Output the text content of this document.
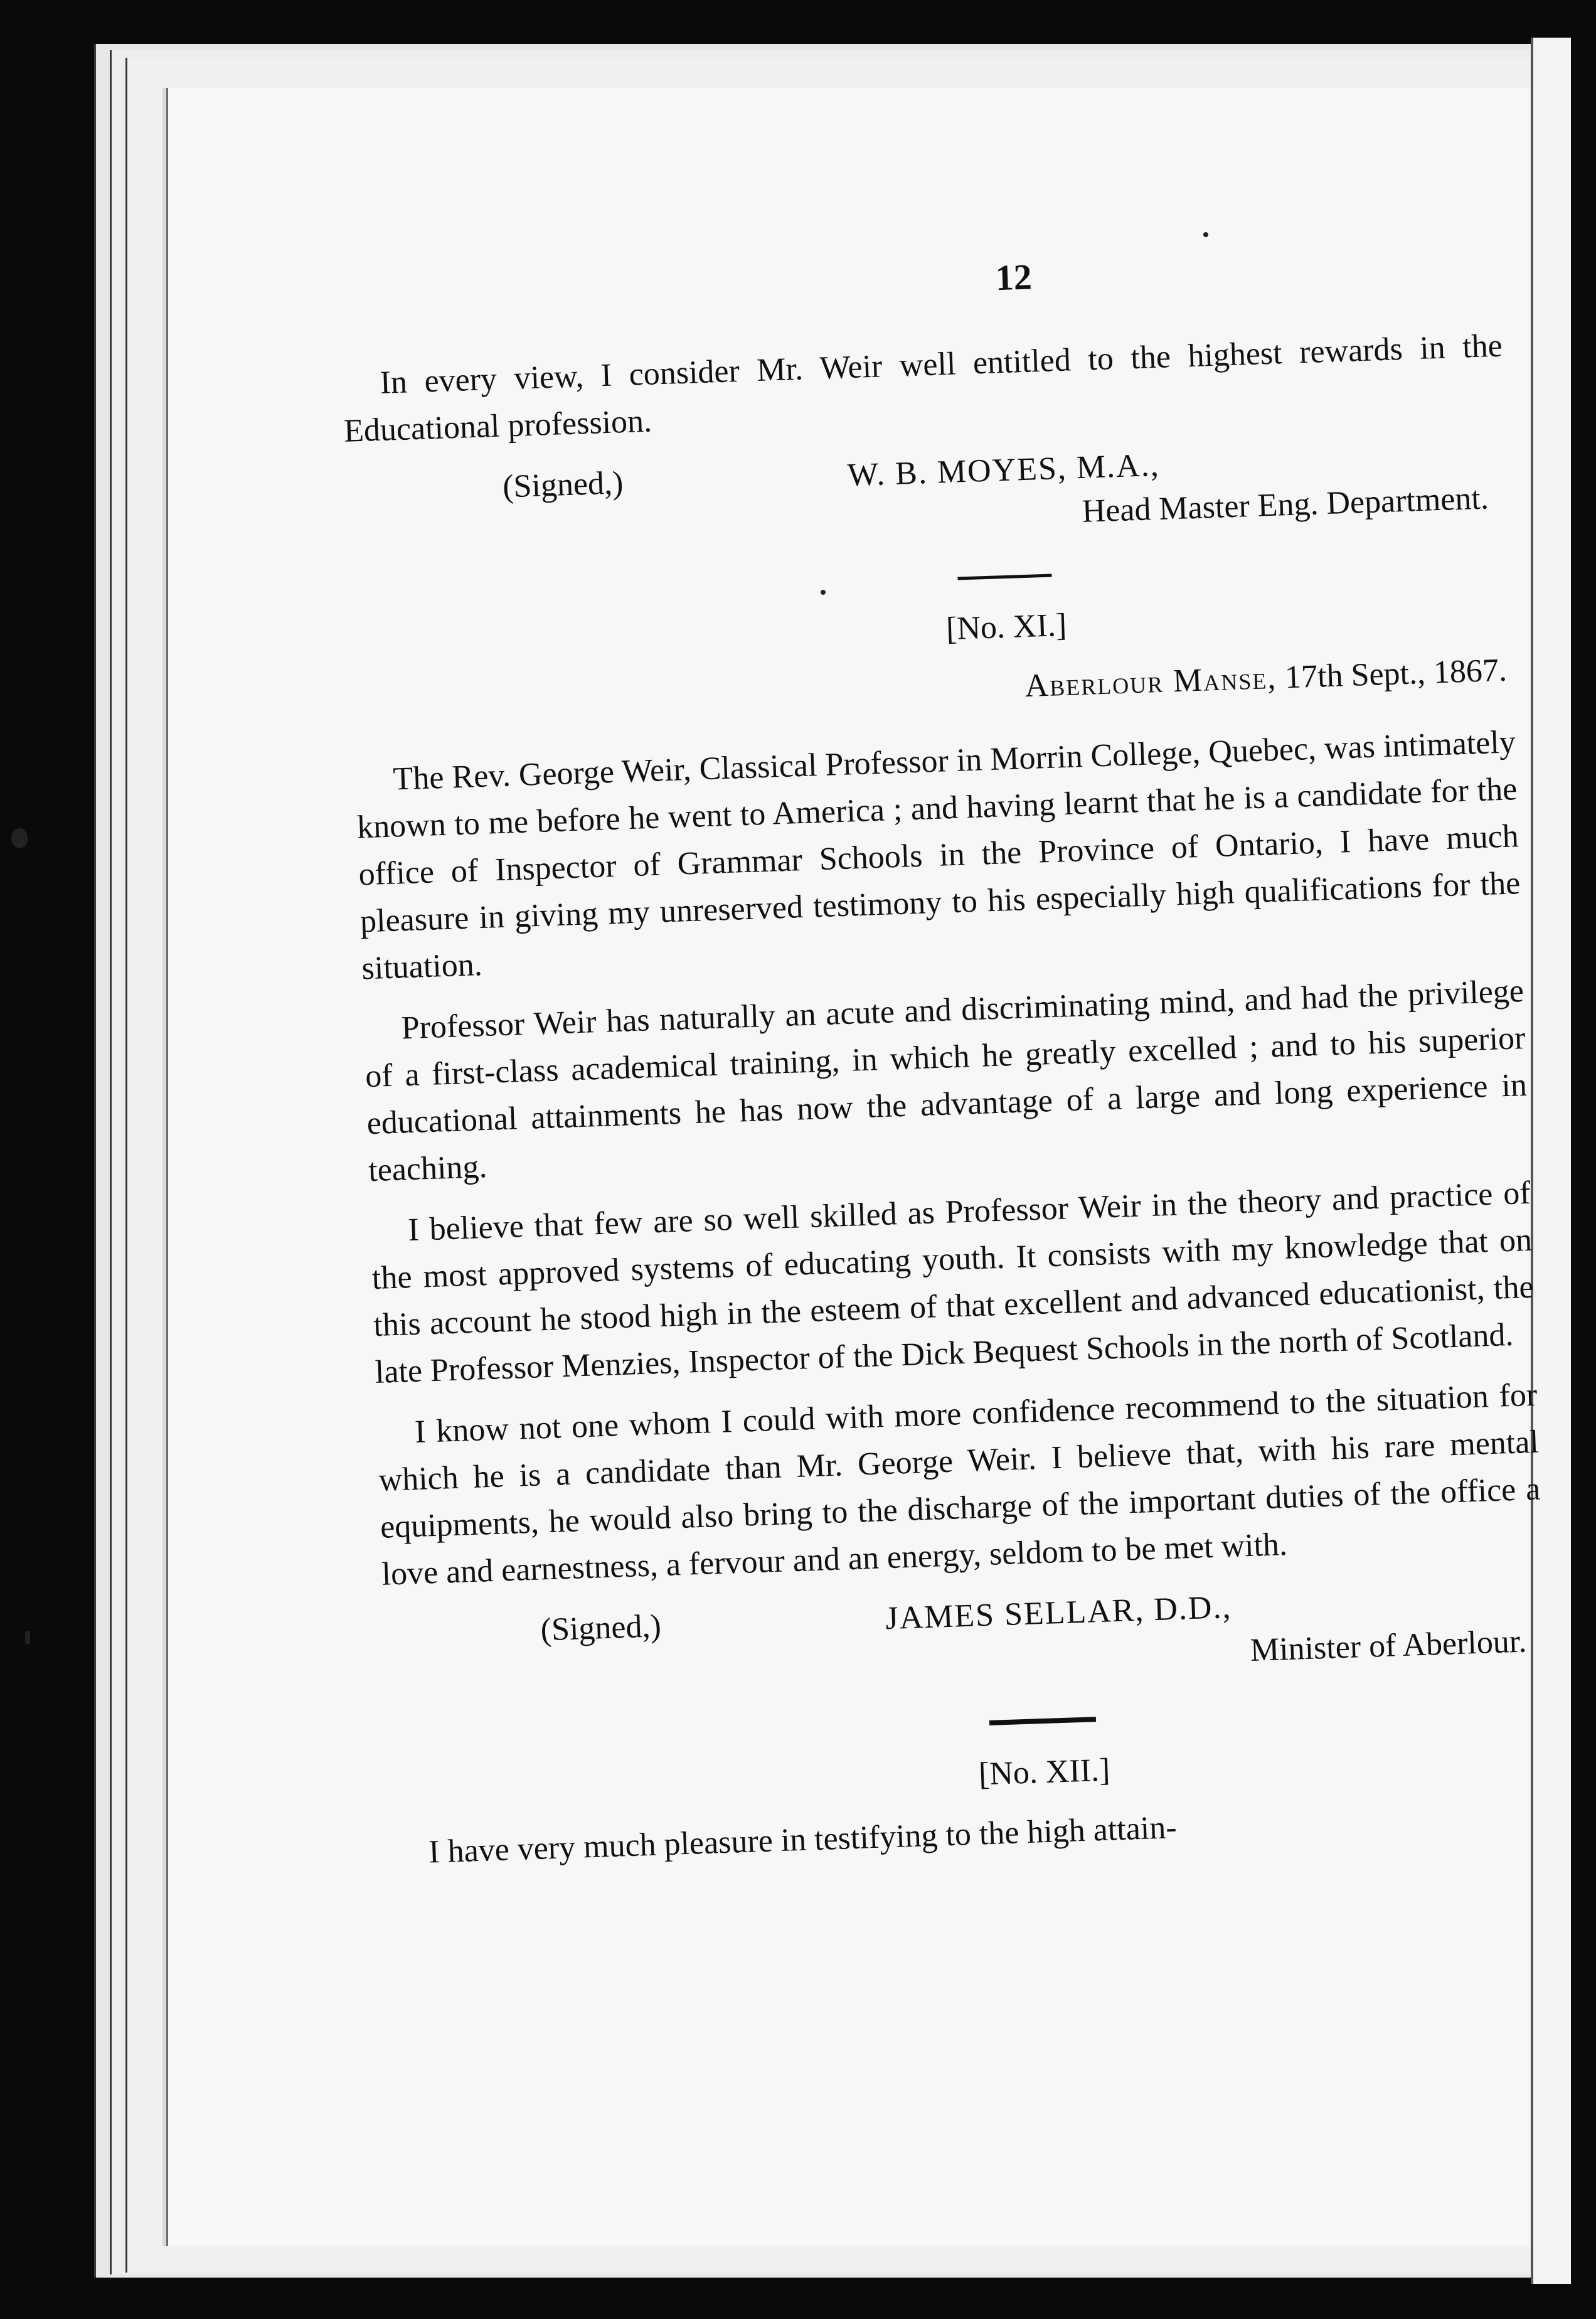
12

In every view, I consider Mr. Weir well entitled to the highest rewards in the Educational profession.

(Signed,)	W. B. MOYES, M.A.,
Head Master Eng. Department.
[No. XI.]
Aberlour Manse, 17th Sept., 1867.

The Rev. George Weir, Classical Professor in Morrin College, Quebec, was intimately known to me before he went to America ; and having learnt that he is a candidate for the office of Inspector of Grammar Schools in the Province of Ontario, I have much pleasure in giving my unreserved testimony to his especially high qualifications for the situation.

Professor Weir has naturally an acute and discriminating mind, and had the privilege of a first-class academical training, in which he greatly excelled ; and to his superior educational attainments he has now the advantage of a large and long experience in teaching.

I believe that few are so well skilled as Professor Weir in the theory and practice of the most approved systems of educating youth. It consists with my knowledge that on this account he stood high in the esteem of that excellent and advanced educationist, the late Professor Menzies, Inspector of the Dick Bequest Schools in the north of Scotland.

I know not one whom I could with more confidence recommend to the situation for which he is a candidate than Mr. George Weir. I believe that, with his rare mental equipments, he would also bring to the discharge of the important duties of the office a love and earnestness, a fervour and an energy, seldom to be met with.

(Signed,)	JAMES SELLAR, D.D.,
Minister of Aberlour.
[No. XII.]

I have very much pleasure in testifying to the high attain-
